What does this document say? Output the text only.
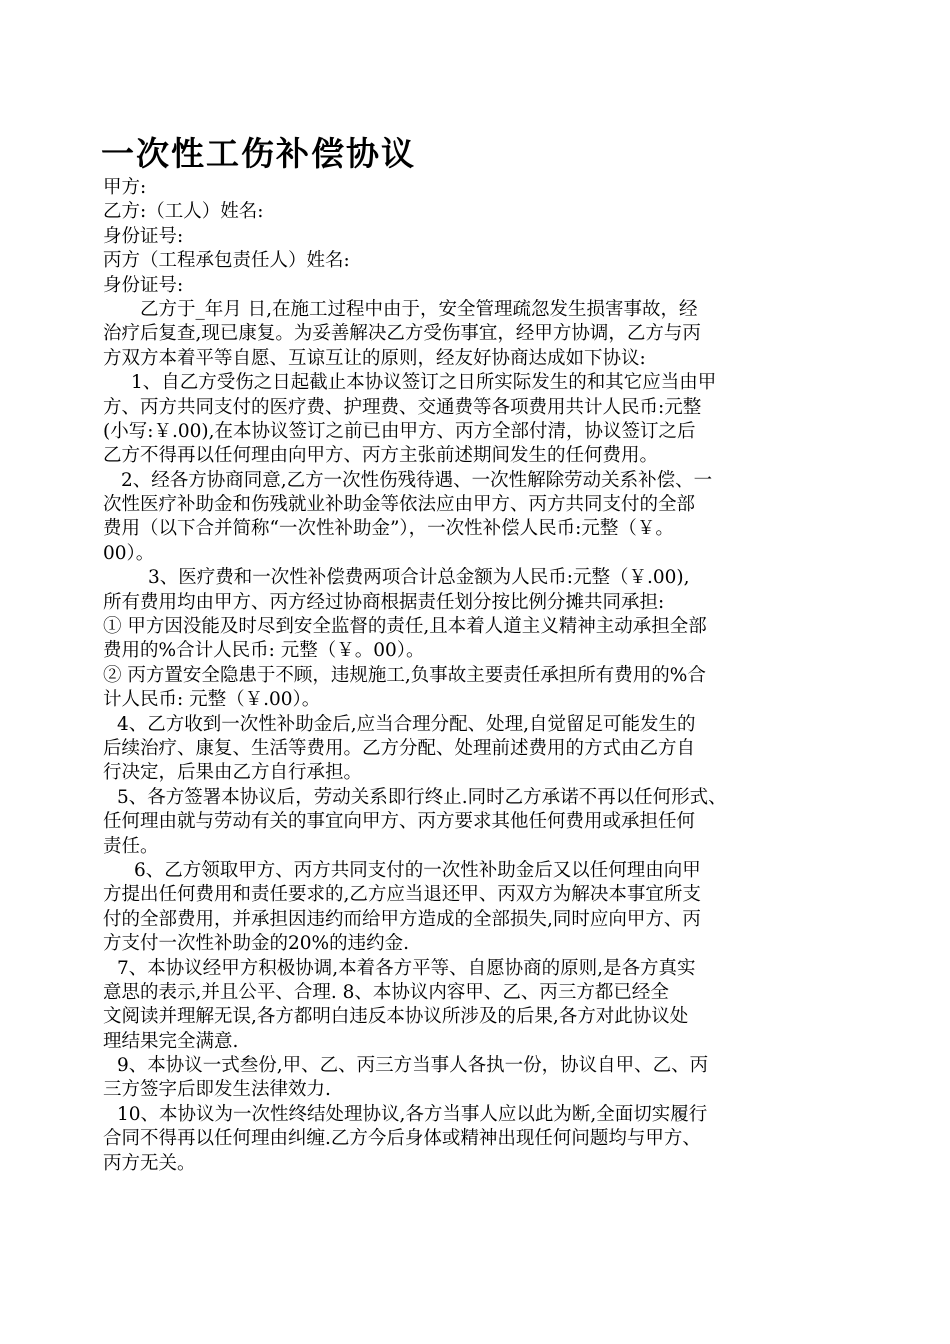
一次性工伤补偿协议
甲方:
乙方:（工人）姓名:
身份证号:
丙方（工程承包责任人）姓名:
身份证号:
乙方于_年月 日,在施工过程中由于，安全管理疏忽发生损害事故，经
治疗后复查,现已康复。为妥善解决乙方受伤事宜，经甲方协调，乙方与丙
方双方本着平等自愿、互谅互让的原则，经友好协商达成如下协议:
1、自乙方受伤之日起截止本协议签订之日所实际发生的和其它应当由甲
方、丙方共同支付的医疗费、护理费、交通费等各项费用共计人民币:元整
(小写:￥.00),在本协议签订之前已由甲方、丙方全部付清，协议签订之后
乙方不得再以任何理由向甲方、丙方主张前述期间发生的任何费用。
2、经各方协商同意,乙方一次性伤残待遇、一次性解除劳动关系补偿、一
次性医疗补助金和伤残就业补助金等依法应由甲方、丙方共同支付的全部
费用（以下合并简称“一次性补助金”），一次性补偿人民币:元整（￥。
00）。
3、医疗费和一次性补偿费两项合计总金额为人民币:元整（￥.00),
所有费用均由甲方、丙方经过协商根据责任划分按比例分摊共同承担:
① 甲方因没能及时尽到安全监督的责任,且本着人道主义精神主动承担全部
费用的%合计人民币: 元整（￥。00）。
② 丙方置安全隐患于不顾，违规施工,负事故主要责任承担所有费用的%合
计人民币: 元整（￥.00）。
4、乙方收到一次性补助金后,应当合理分配、处理,自觉留足可能发生的
后续治疗、康复、生活等费用。乙方分配、处理前述费用的方式由乙方自
行决定，后果由乙方自行承担。
5、各方签署本协议后，劳动关系即行终止.同时乙方承诺不再以任何形式、
任何理由就与劳动有关的事宜向甲方、丙方要求其他任何费用或承担任何
责任。
6、乙方领取甲方、丙方共同支付的一次性补助金后又以任何理由向甲
方提出任何费用和责任要求的,乙方应当退还甲、丙双方为解决本事宜所支
付的全部费用，并承担因违约而给甲方造成的全部损失,同时应向甲方、丙
方支付一次性补助金的20%的违约金.
7、本协议经甲方积极协调,本着各方平等、自愿协商的原则,是各方真实
意思的表示,并且公平、合理. 8、本协议内容甲、乙、丙三方都已经全
文阅读并理解无误,各方都明白违反本协议所涉及的后果,各方对此协议处
理结果完全满意.
9、本协议一式叁份,甲、乙、丙三方当事人各执一份，协议自甲、乙、丙
三方签字后即发生法律效力.
10、本协议为一次性终结处理协议,各方当事人应以此为断,全面切实履行
合同不得再以任何理由纠缠.乙方今后身体或精神出现任何问题均与甲方、
丙方无关。
